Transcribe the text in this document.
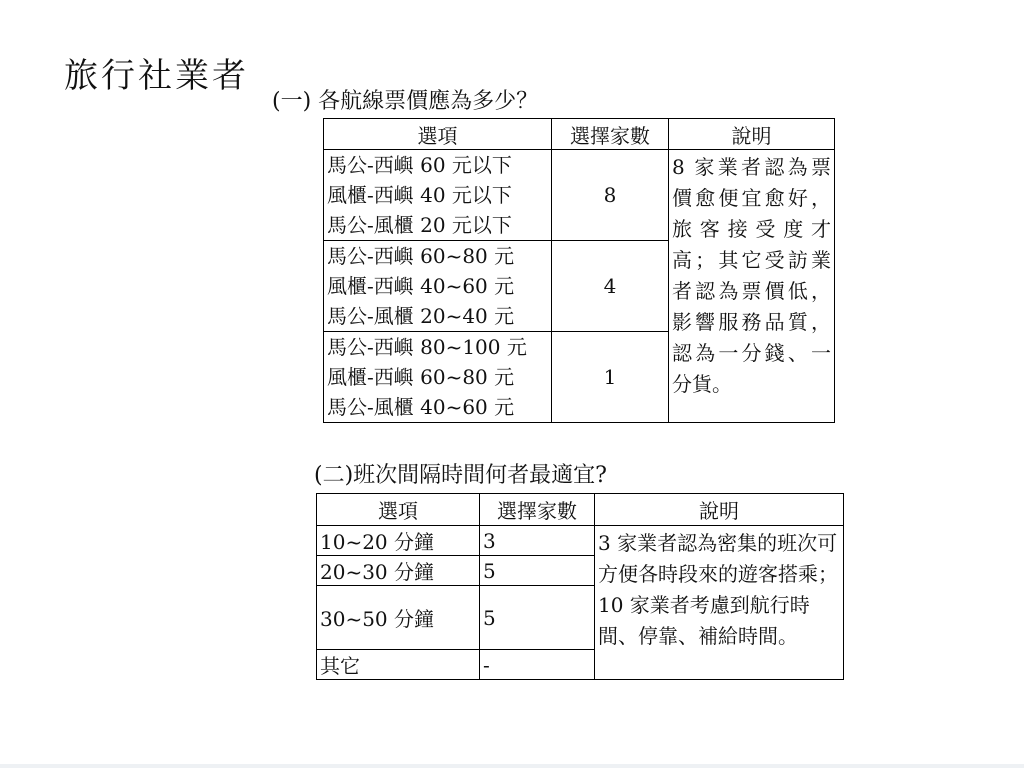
旅行社業者
(一) 各航線票價應為多少？
選項	選擇家數	說明

馬公-西嶼 60 元以下
風櫃-西嶼 40 元以下
馬公-風櫃 20 元以下	8	8 家業者認為票價愈便宜愈好，旅客接受度才高；其它受訪業者認為票價低，影響服務品質，認為一分錢、一分貨。

馬公-西嶼 60~80 元
風櫃-西嶼 40~60 元
馬公-風櫃 20~40 元	4	

馬公-西嶼 80~100 元
風櫃-西嶼 60~80 元
馬公-風櫃 40~60 元	1	
(二)班次間隔時間何者最適宜?
選項	選擇家數	說明
10~20 分鐘	3	3 家業者認為密集的班次可方便各時段來的遊客搭乘；10 家業者考慮到航行時間、停靠、補給時間。
20~30 分鐘	5	
30~50 分鐘	5	
其它	-	
